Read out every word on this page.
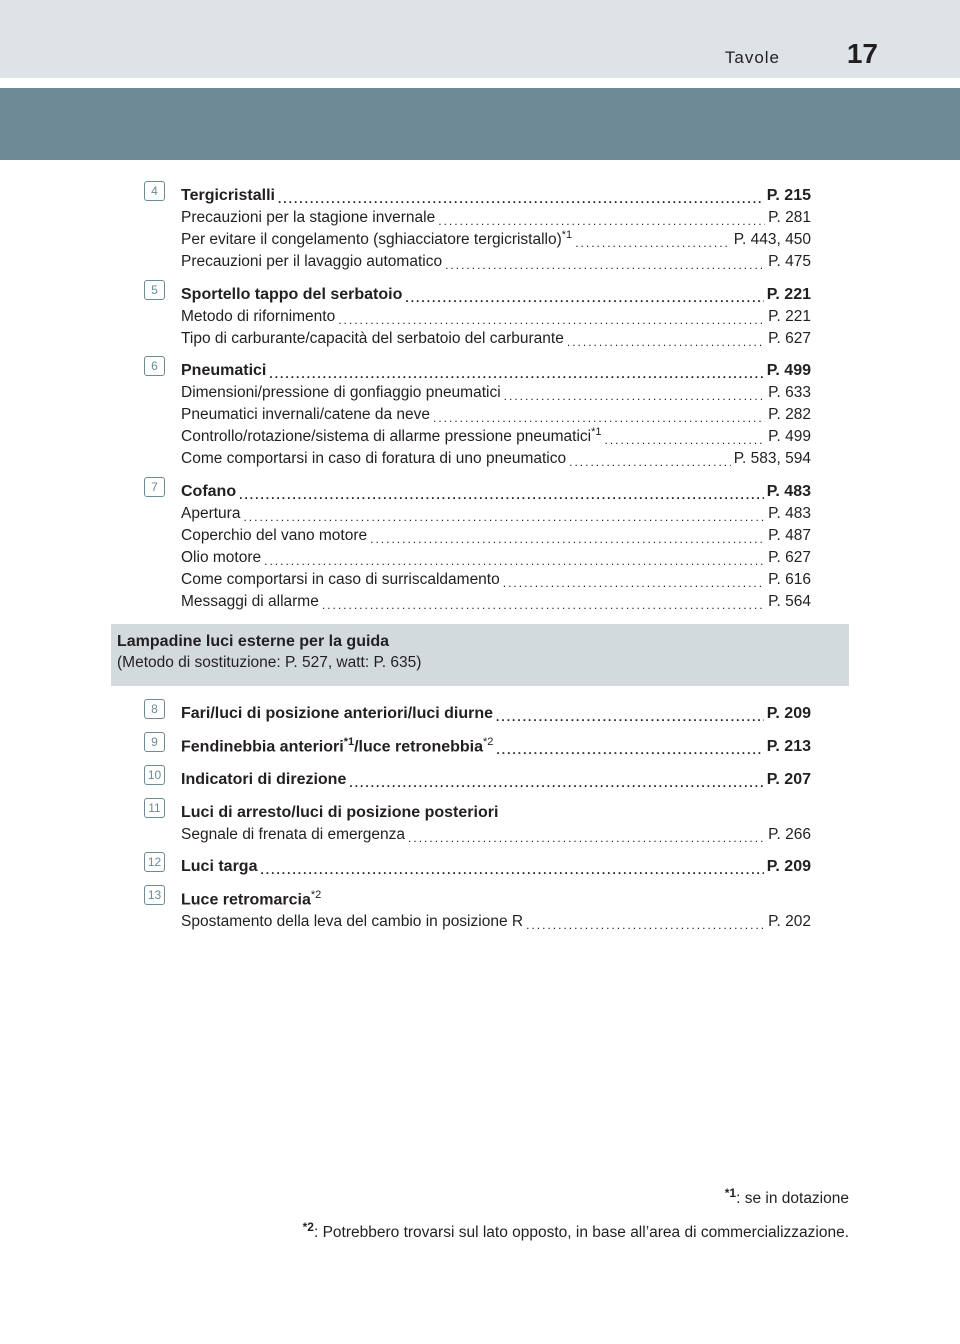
Tavole 17
4	Tergicristalli .....	P. 215
Precauzioni per la stagione invernale .....	P. 281
Per evitare il congelamento (sghiacciatore tergicristallo)$^{*1}$ .....	P. 443, 450
Precauzioni per il lavaggio automatico .....	P. 475
5	Sportello tappo del serbatoio .....	P. 221
Metodo di rifornimento .....	P. 221
Tipo di carburante/capacità del serbatoio del carburante .....	P. 627
6	Pneumatici .....	P. 499
Dimensioni/pressione di gonfiaggio pneumatici .....	P. 633
Pneumatici invernali/catene da neve .....	P. 282
Controllo/rotazione/sistema di allarme pressione pneumatici$^{*1}$ .....	P. 499
Come comportarsi in caso di foratura di uno pneumatico .....	P. 583, 594
7	Cofano .....	P. 483
Apertura .....	P. 483
Coperchio del vano motore .....	P. 487
Olio motore .....	P. 627
Come comportarsi in caso di surriscaldamento .....	P. 616
Messaggi di allarme .....	P. 564
Lampadine luci esterne per la guida
(Metodo di sostituzione: P. 527, watt: P. 635)
8	Fari/luci di posizione anteriori/luci diurne .....	P. 209
9	Fendinebbia anteriori$^{*1}$/luce retronebbia$^{*2}$ .....	P. 213
10 Indicatori di direzione .....	P. 207
11 Luci di arresto/luci di posizione posteriori
Segnale di frenata di emergenza .....	P. 266
12 Luci targa .....	P. 209
13 Luce retromarcia$^{*2}$
Spostamento della leva del cambio in posizione R .....	P. 202
$^{*1}$: se in dotazione
$^{*2}$: Potrebbero trovarsi sul lato opposto, in base all’area di commercializzazione.
